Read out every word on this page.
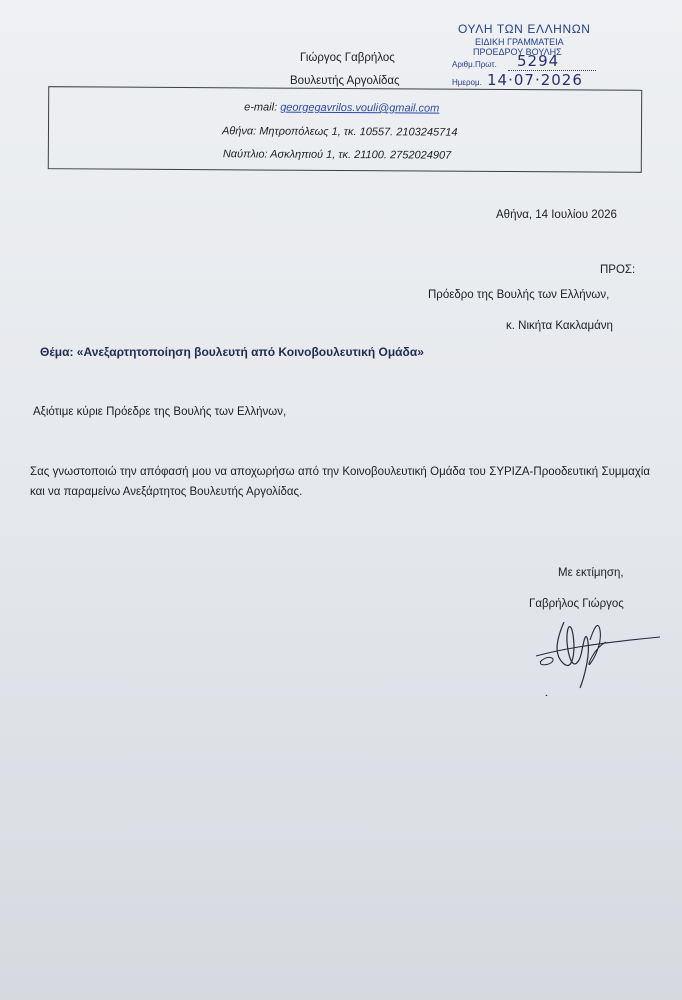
Γιώργος Γαβρήλος
Βουλευτής Αργολίδας
ΟΥΛΗ ΤΩΝ ΕΛΛΗΝΩΝ
ΕΙΔΙΚΗ ΓΡΑΜΜΑΤΕΙΑ
ΠΡΟΕΔΡΟΥ ΒΟΥΛΗΣ
Αριθμ.Πρωτ. 5294
Ημερομ. 14·07·2026
e-mail: georgegavrilos.vouli@gmail.com
Αθήνα: Μητροπόλεως 1, τκ. 10557. 2103245714
Ναύπλιο: Ασκληπιού 1, τκ. 21100. 2752024907
Αθήνα, 14 Ιουλίου 2026
ΠΡΟΣ:
Πρόεδρο της Βουλής των Ελλήνων,
κ. Νικήτα Κακλαμάνη
Θέμα: «Ανεξαρτητοποίηση βουλευτή από Κοινοβουλευτική Ομάδα»
Αξιότιμε κύριε Πρόεδρε της Βουλής των Ελλήνων,
Σας γνωστοποιώ την απόφασή μου να αποχωρήσω από την Κοινοβουλευτική Ομάδα του ΣΥΡΙΖΑ-Προοδευτική Συμμαχία και να παραμείνω Ανεξάρτητος Βουλευτής Αργολίδας.
Με εκτίμηση,
Γαβρήλος Γιώργος
